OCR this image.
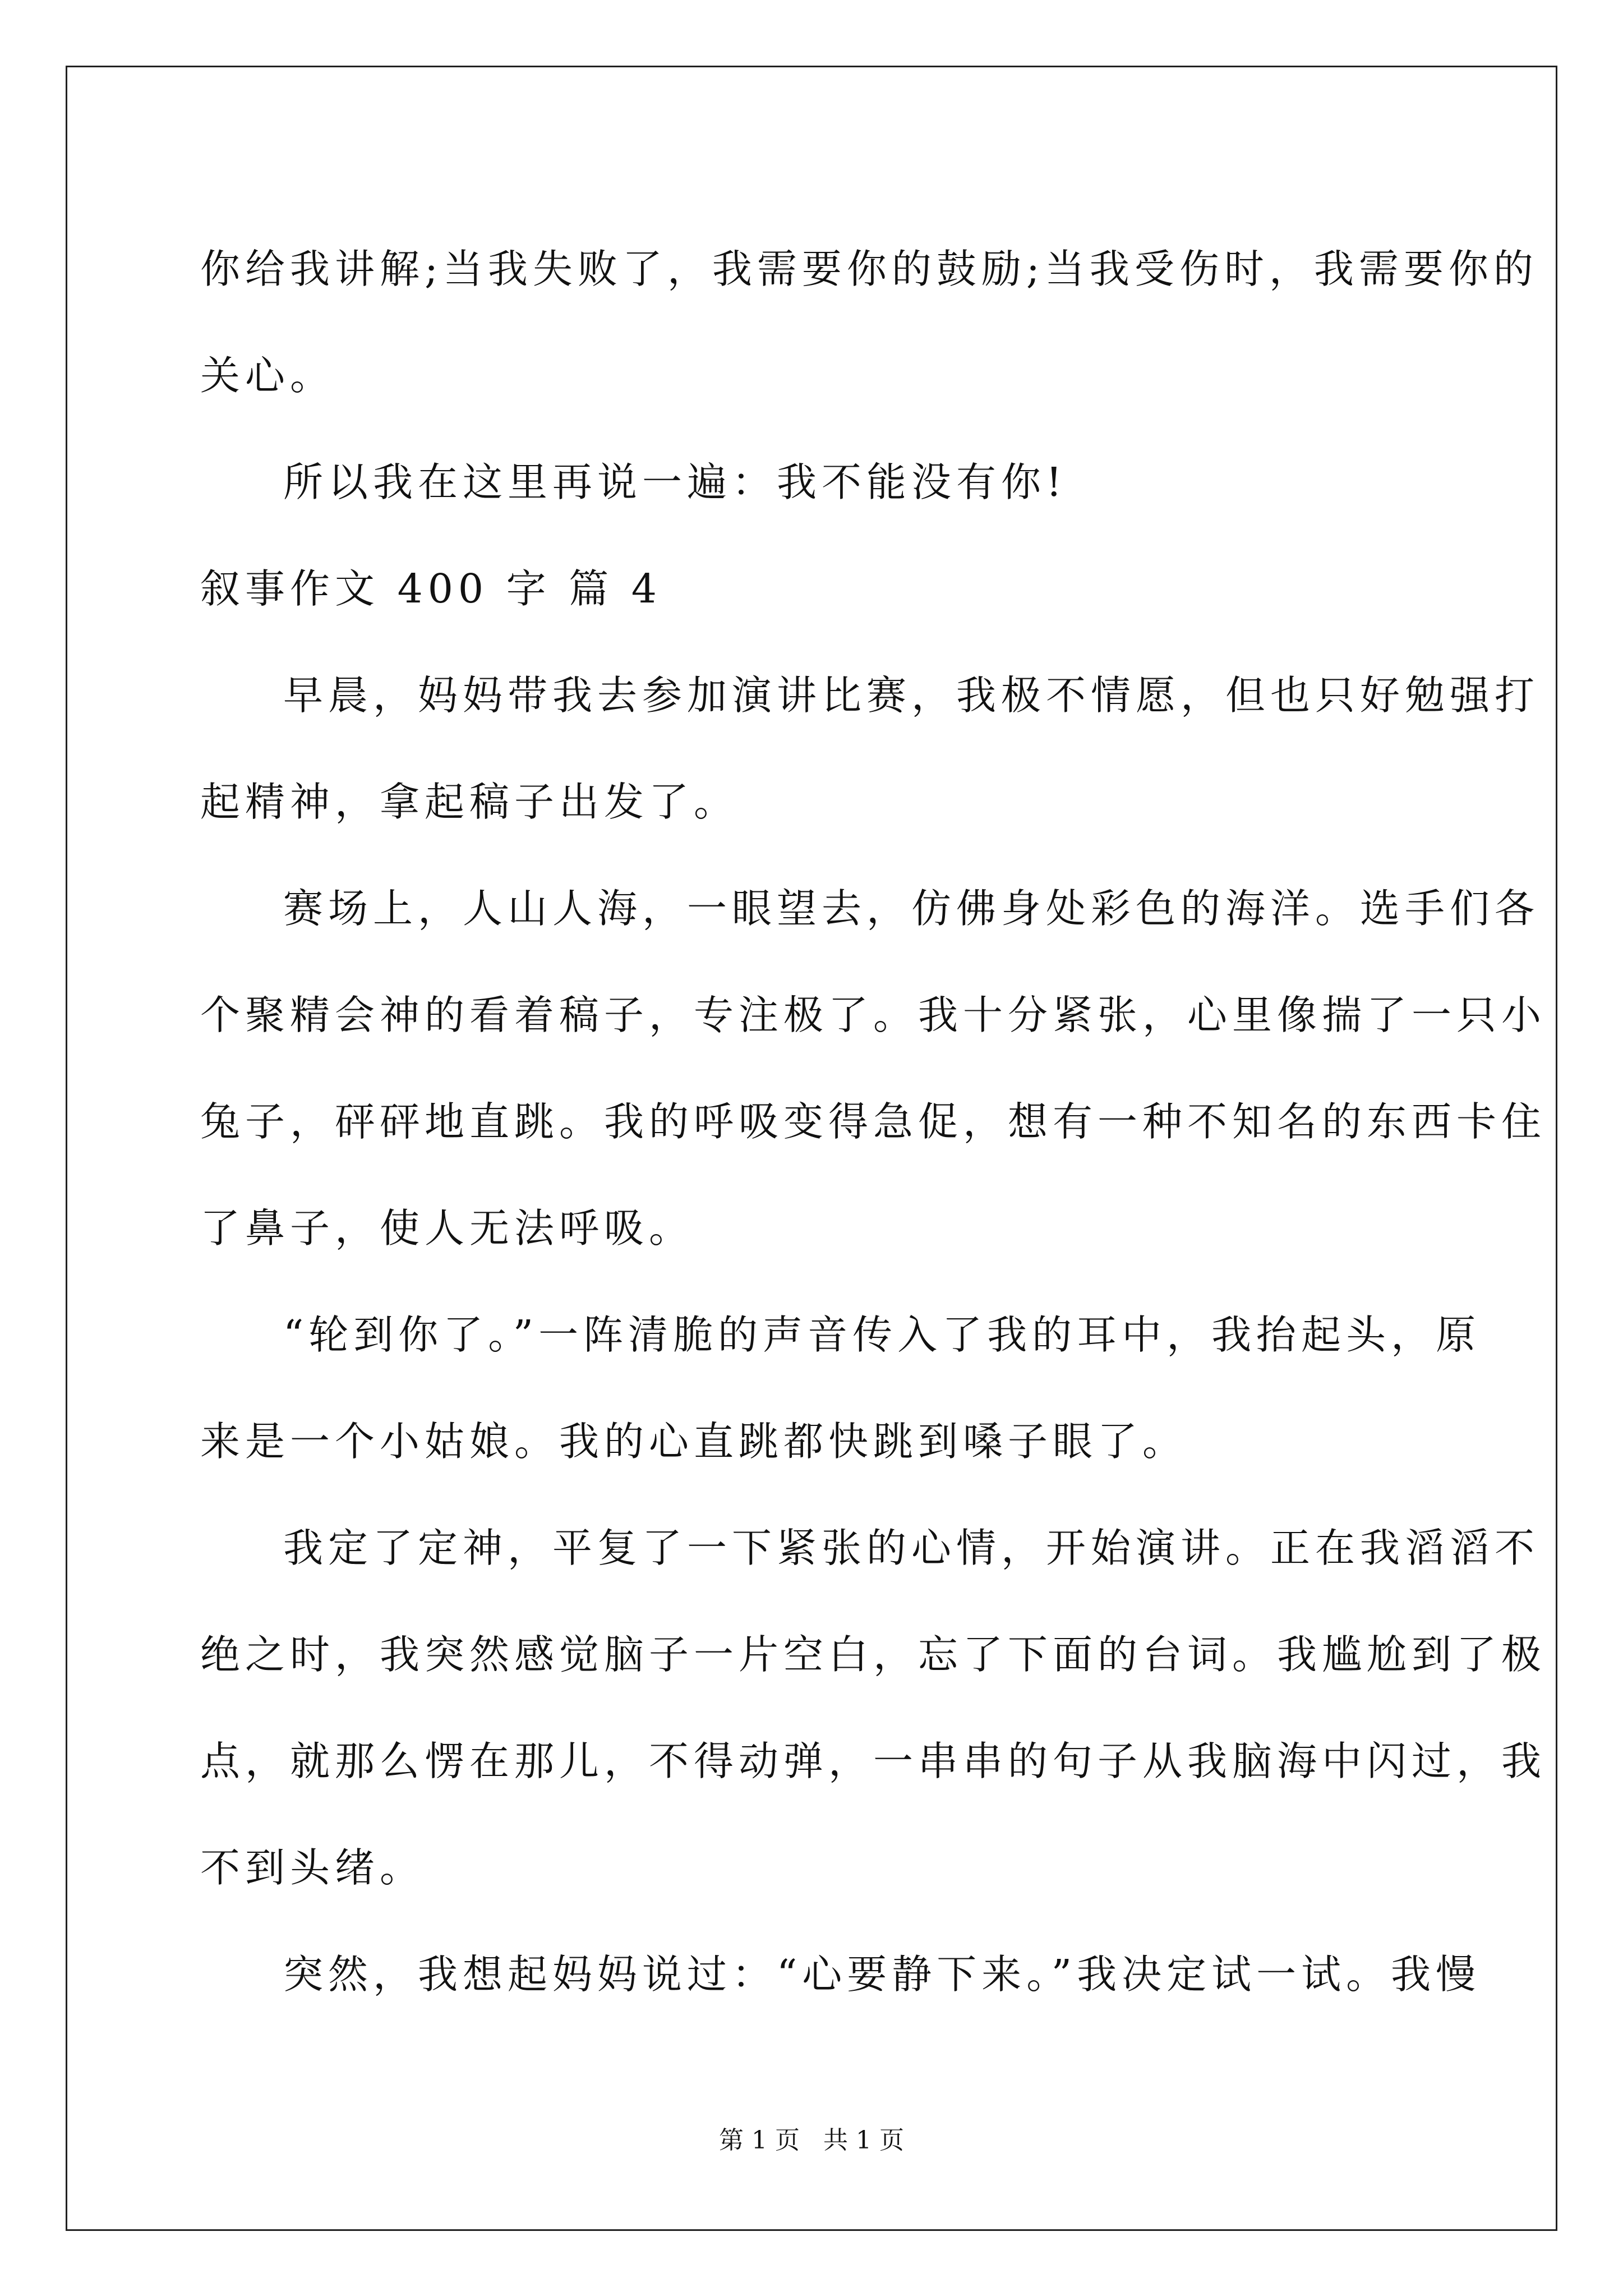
你给我讲解;当我失败了，我需要你的鼓励;当我受伤时，我需要你的
关心。
所以我在这里再说一遍：我不能没有你!
叙事作文 400 字 篇 4
早晨，妈妈带我去参加演讲比赛，我极不情愿，但也只好勉强打
起精神，拿起稿子出发了。
赛场上，人山人海，一眼望去，仿佛身处彩色的海洋。选手们各
个聚精会神的看着稿子，专注极了。我十分紧张，心里像揣了一只小
兔子，砰砰地直跳。我的呼吸变得急促，想有一种不知名的东西卡住
了鼻子，使人无法呼吸。
“轮到你了。”一阵清脆的声音传入了我的耳中，我抬起头，原
来是一个小姑娘。我的心直跳都快跳到嗓子眼了。
我定了定神，平复了一下紧张的心情，开始演讲。正在我滔滔不
绝之时，我突然感觉脑子一片空白，忘了下面的台词。我尴尬到了极
点，就那么愣在那儿，不得动弹，一串串的句子从我脑海中闪过，我
不到头绪。
突然，我想起妈妈说过：“心要静下来。”我决定试一试。我慢
第 1 页   共 1 页
